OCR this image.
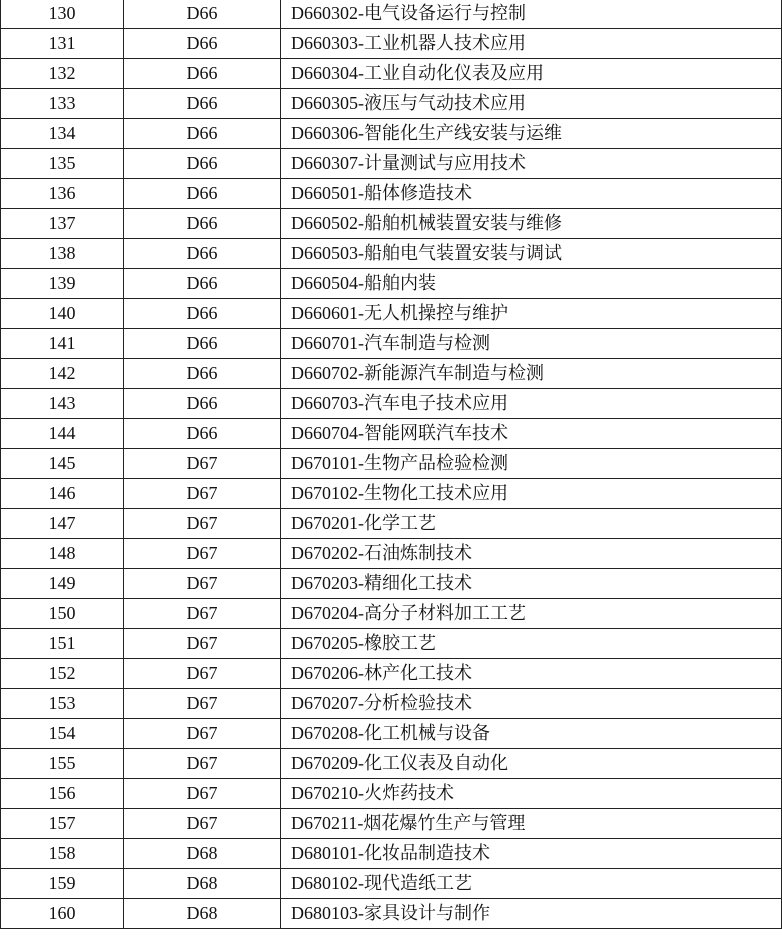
130	D66	D660302-电气设备运行与控制
131	D66	D660303-工业机器人技术应用
132	D66	D660304-工业自动化仪表及应用
133	D66	D660305-液压与气动技术应用
134	D66	D660306-智能化生产线安装与运维
135	D66	D660307-计量测试与应用技术
136	D66	D660501-船体修造技术
137	D66	D660502-船舶机械装置安装与维修
138	D66	D660503-船舶电气装置安装与调试
139	D66	D660504-船舶内装
140	D66	D660601-无人机操控与维护
141	D66	D660701-汽车制造与检测
142	D66	D660702-新能源汽车制造与检测
143	D66	D660703-汽车电子技术应用
144	D66	D660704-智能网联汽车技术
145	D67	D670101-生物产品检验检测
146	D67	D670102-生物化工技术应用
147	D67	D670201-化学工艺
148	D67	D670202-石油炼制技术
149	D67	D670203-精细化工技术
150	D67	D670204-高分子材料加工工艺
151	D67	D670205-橡胶工艺
152	D67	D670206-林产化工技术
153	D67	D670207-分析检验技术
154	D67	D670208-化工机械与设备
155	D67	D670209-化工仪表及自动化
156	D67	D670210-火炸药技术
157	D67	D670211-烟花爆竹生产与管理
158	D68	D680101-化妆品制造技术
159	D68	D680102-现代造纸工艺
160	D68	D680103-家具设计与制作
